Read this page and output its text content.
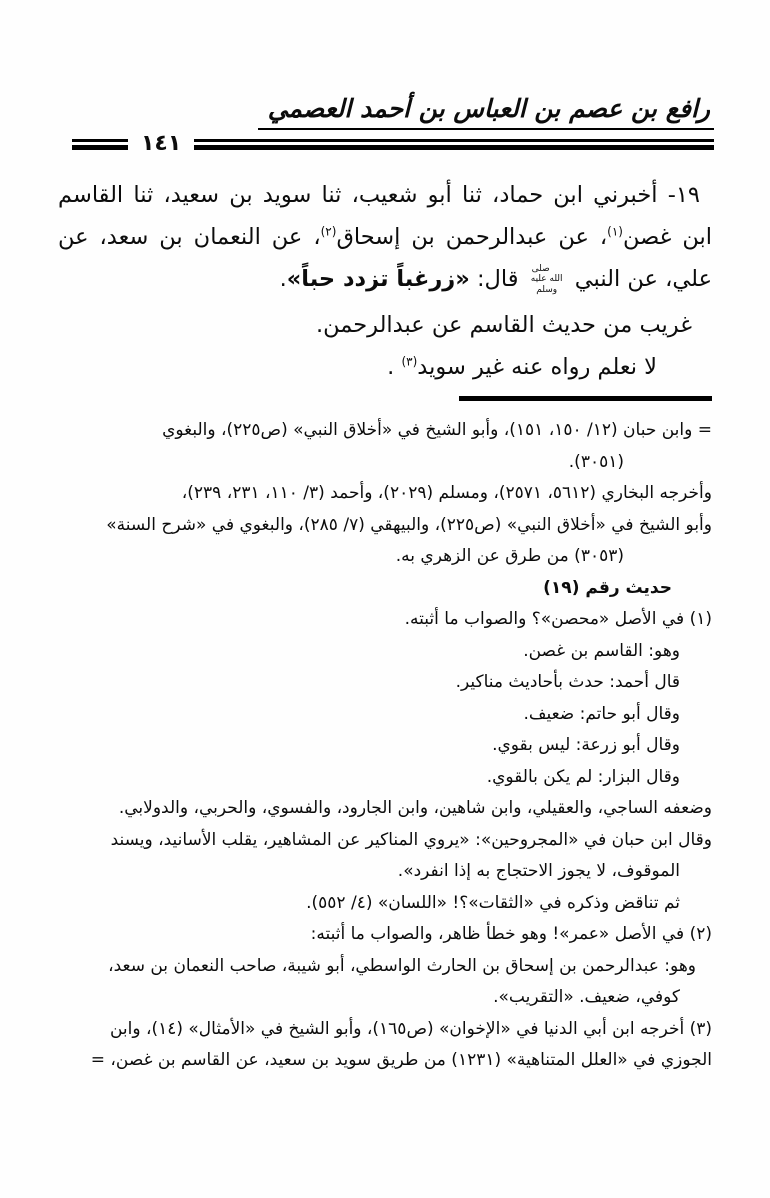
رافع بن عصم بن العباس بن أحمد العصمي
١٤١

١٩- أخبرني ابن حماد، ثنا أبو شعيب، ثنا سويد بن سعيد، ثنا القاسم ابن غصن$^{(١)}$، عن عبدالرحمن بن إسحاق$^{(٢)}$، عن النعمان بن سعد، عن علي، عن النبي صلى الله عليه وسلم قال: «زرغباً تزدد حباً».

غريب من حديث القاسم عن عبدالرحمن.

لا نعلم رواه عنه غير سويد$^{(٣)}$ .

= وابن حبان (١٢/ ١٥٠، ١٥١)، وأبو الشيخ في «أخلاق النبي» (ص٢٢٥)، والبغوي
(٣٠٥١).
وأخرجه البخاري (٥٦١٢، ٢٥٧١)، ومسلم (٢٠٢٩)، وأحمد (٣/ ١١٠، ٢٣١، ٢٣٩)،
وأبو الشيخ في «أخلاق النبي» (ص٢٢٥)، والبيهقي (٧/ ٢٨٥)، والبغوي في «شرح السنة»
(٣٠٥٣) من طرق عن الزهري به.
حديث رقم (١٩)
(١) في الأصل «محصن»؟ والصواب ما أثبته.
وهو: القاسم بن غصن.
قال أحمد: حدث بأحاديث مناكير.
وقال أبو حاتم: ضعيف.
وقال أبو زرعة: ليس بقوي.
وقال البزار: لم يكن بالقوي.
وضعفه الساجي، والعقيلي، وابن شاهين، وابن الجارود، والفسوي، والحربي، والدولابي.
وقال ابن حبان في «المجروحين»: «يروي المناكير عن المشاهير، يقلب الأسانيد، ويسند
الموقوف، لا يجوز الاحتجاج به إذا انفرد».
ثم تناقض وذكره في «الثقات»؟! «اللسان» (٤/ ٥٥٢).
(٢) في الأصل «عمر»! وهو خطأ ظاهر، والصواب ما أثبته:
وهو: عبدالرحمن بن إسحاق بن الحارث الواسطي، أبو شيبة، صاحب النعمان بن سعد،
كوفي، ضعيف. «التقريب».
(٣) أخرجه ابن أبي الدنيا في «الإخوان» (ص١٦٥)، وأبو الشيخ في «الأمثال» (١٤)، وابن
الجوزي في «العلل المتناهية» (١٢٣١) من طريق سويد بن سعيد، عن القاسم بن غصن، =
